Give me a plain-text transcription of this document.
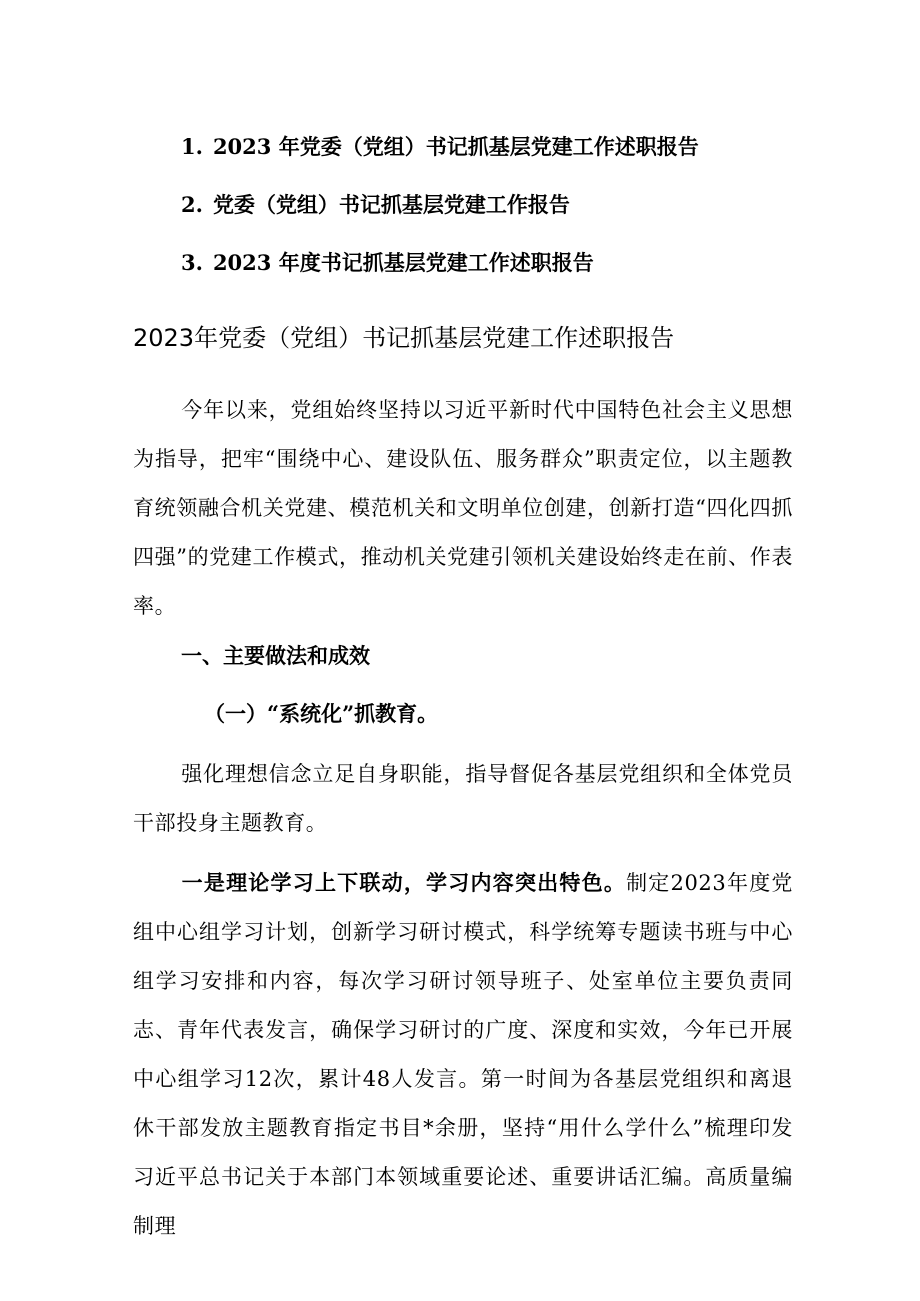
1. 2023 年党委（党组）书记抓基层党建工作述职报告
2. 党委（党组）书记抓基层党建工作报告
3. 2023 年度书记抓基层党建工作述职报告
2023年党委（党组）书记抓基层党建工作述职报告
今年以来，党组始终坚持以习近平新时代中国特色社会主义思想为指导，把牢“围绕中心、建设队伍、服务群众”职责定位，以主题教育统领融合机关党建、模范机关和文明单位创建，创新打造“四化四抓四强”的党建工作模式，推动机关党建引领机关建设始终走在前、作表率。
一、主要做法和成效
（一）“系统化”抓教育。
强化理想信念立足自身职能，指导督促各基层党组织和全体党员干部投身主题教育。
一是理论学习上下联动，学习内容突出特色。制定2023年度党组中心组学习计划，创新学习研讨模式，科学统筹专题读书班与中心组学习安排和内容，每次学习研讨领导班子、处室单位主要负责同志、青年代表发言，确保学习研讨的广度、深度和实效，今年已开展中心组学习12次，累计48人发言。第一时间为各基层党组织和离退休干部发放主题教育指定书目*余册，坚持“用什么学什么”梳理印发习近平总书记关于本部门本领域重要论述、重要讲话汇编。高质量编制理
